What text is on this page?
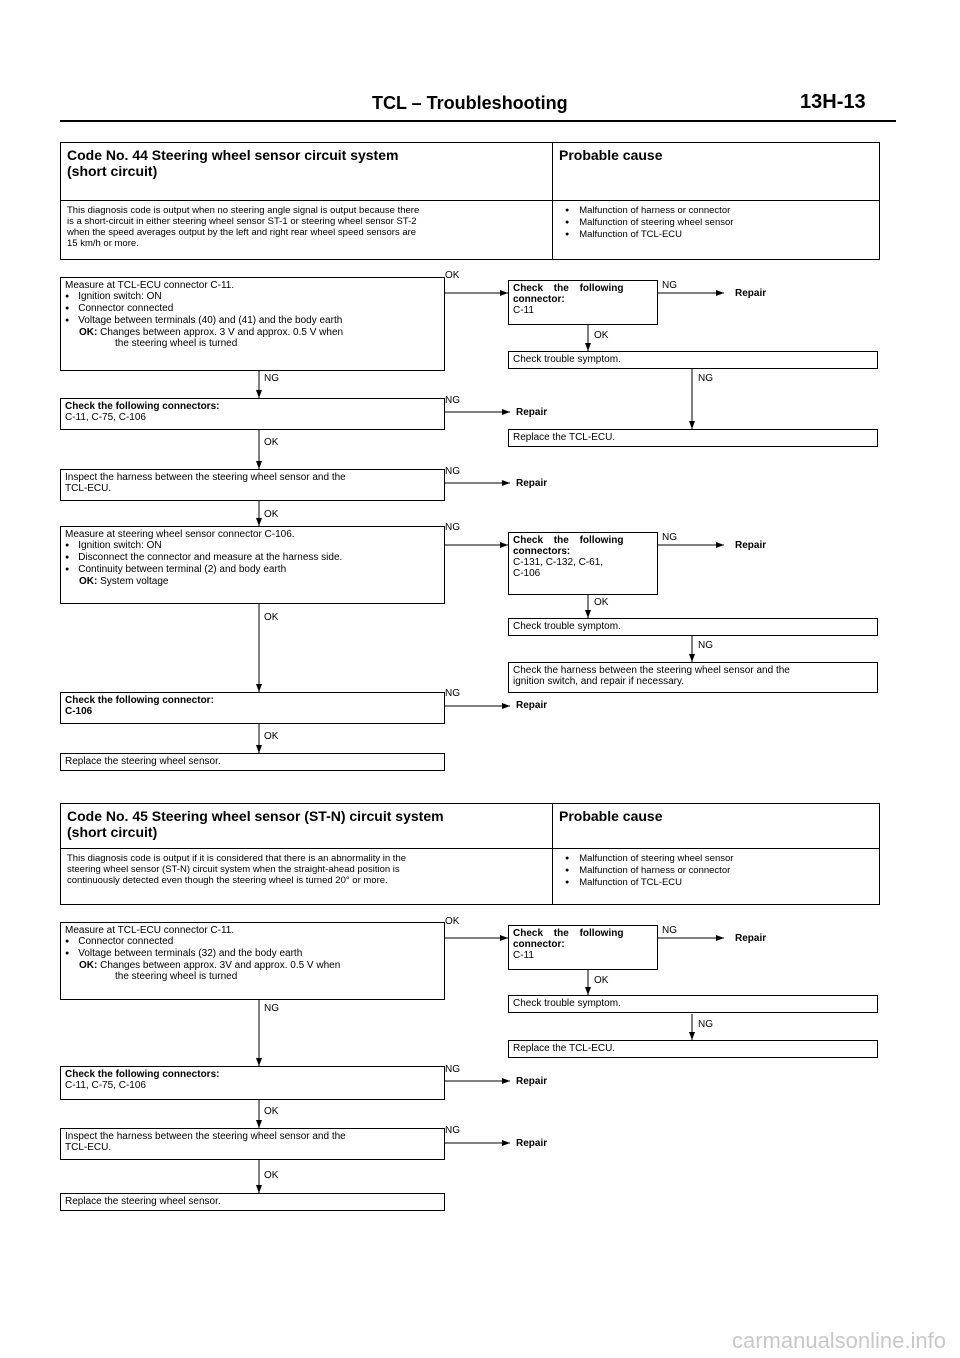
TCL – Troubleshooting	13H-13
Code No. 44 Steering wheel sensor circuit system
(short circuit)
Probable cause
This diagnosis code is output when no steering angle signal is output because there
is a short-circuit in either steering wheel sensor ST-1 or steering wheel sensor ST-2
when the speed averages output by the left and right rear wheel speed sensors are
15 km/h or more.
● Malfunction of harness or connector
● Malfunction of steering wheel sensor
● Malfunction of TCL-ECU
Measure at TCL-ECU connector C-11.
● Ignition switch: ON
● Connector connected
● Voltage between terminals (40) and (41) and the body earth
OK: Changes between approx. 3 V and approx. 0.5 V when
the steering wheel is turned
OK
Check the following
connector:
C-11
NG
Repair
OK
Check trouble symptom.
NG	NG
Check the following connectors:
C-11, C-75, C-106
NG
Repair
Replace the TCL-ECU.
OK
Inspect the harness between the steering wheel sensor and the
TCL-ECU.
NG
Repair
OK
Measure at steering wheel sensor connector C-106.
● Ignition switch: ON
● Disconnect the connector and measure at the harness side.
● Continuity between terminal (2) and body earth
OK: System voltage
NG
Check the following
connectors:
C-131, C-132, C-61,
C-106
NG
Repair
OK
OK
Check trouble symptom.
NG
Check the harness between the steering wheel sensor and the
ignition switch, and repair if necessary.
Check the following connector:
C-106
NG
Repair
OK
Replace the steering wheel sensor.
Code No. 45 Steering wheel sensor (ST-N) circuit system
(short circuit)
Probable cause
This diagnosis code is output if it is considered that there is an abnormality in the
steering wheel sensor (ST-N) circuit system when the straight-ahead position is
continuously detected even though the steering wheel is turned 20° or more.
● Malfunction of steering wheel sensor
● Malfunction of harness or connector
● Malfunction of TCL-ECU
Measure at TCL-ECU connector C-11.
● Connector connected
● Voltage between terminals (32) and the body earth
OK: Changes between approx. 3V and approx. 0.5 V when
the steering wheel is turned
OK
Check the following
connector:
C-11
NG
Repair
OK
Check trouble symptom.
NG
NG
Replace the TCL-ECU.
Check the following connectors:
C-11, C-75, C-106
NG
Repair
OK
Inspect the harness between the steering wheel sensor and the
TCL-ECU.
NG
Repair
OK
Replace the steering wheel sensor.
carmanualsonline.info
